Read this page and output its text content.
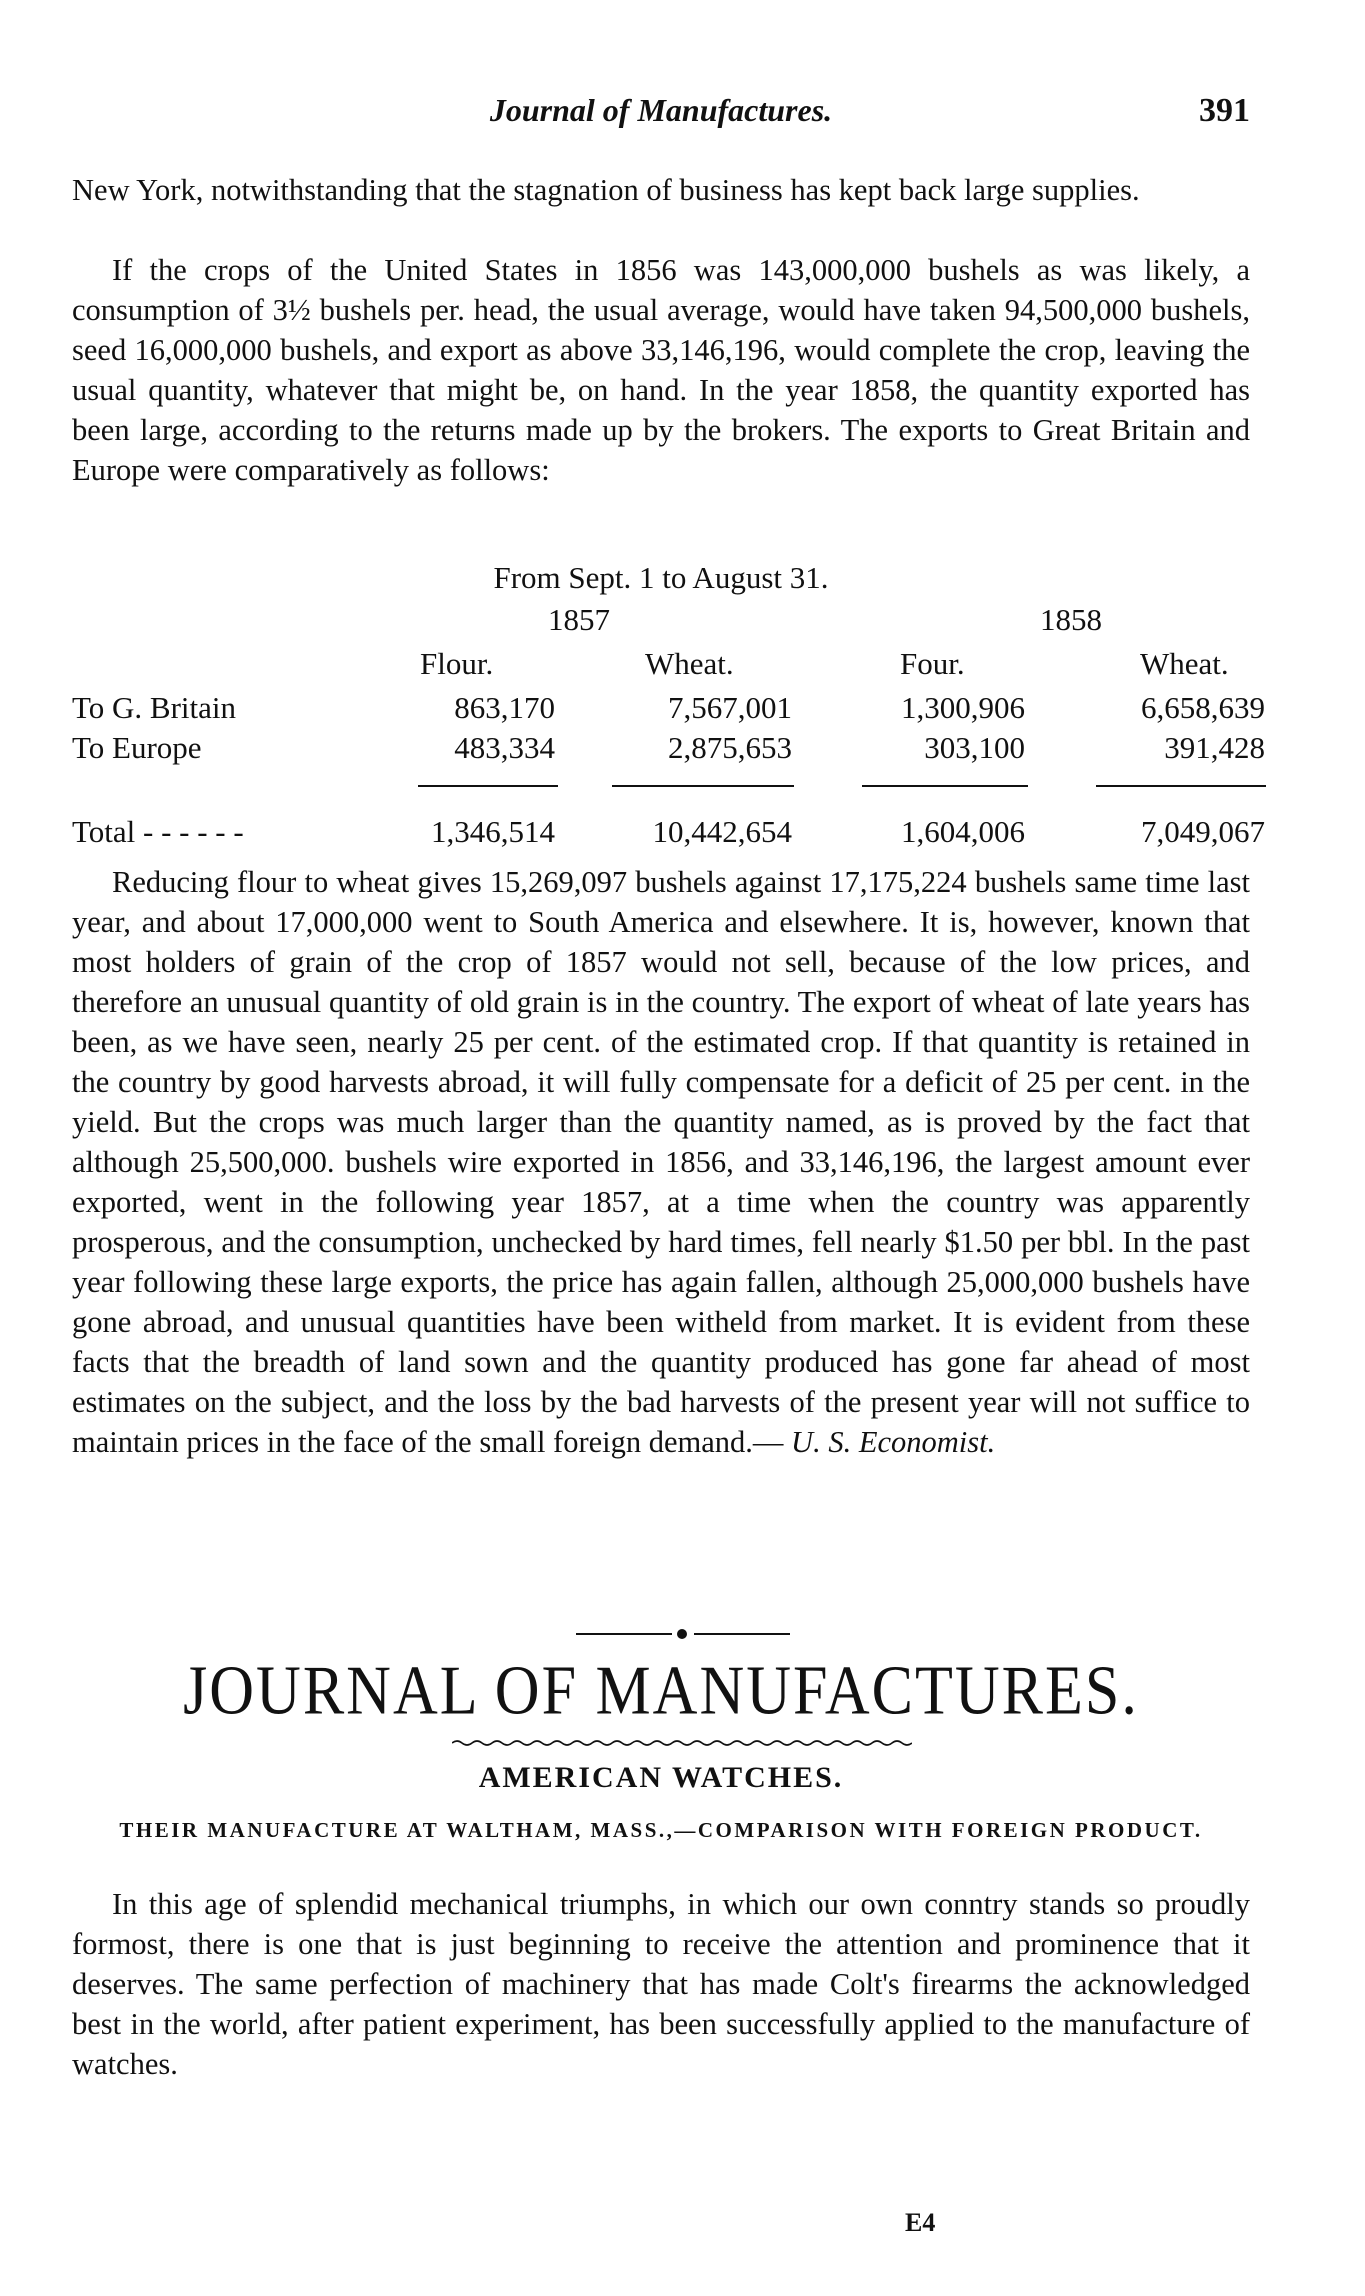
Journal of Manufactures.	391

New York, notwithstanding that the stagnation of business has kept back large supplies.

If the crops of the United States in 1856 was 143,000,000 bushels as was likely, a consumption of 3½ bushels per. head, the usual average, would have taken 94,500,000 bushels, seed 16,000,000 bushels, and export as above 33,146,196, would complete the crop, leaving the usual quantity, whatever that might be, on hand. In the year 1858, the quantity exported has been large, according to the returns made up by the brokers. The exports to Great Britain and Europe were comparatively as follows:

From Sept. 1 to August 31.
1857	1858
Flour.	Wheat.	Four.	Wheat.
To G. Britain	863,170	7,567,001	1,300,906	6,658,639
To Europe	483,334	2,875,653	303,100	391,428
Total - - - - - -	1,346,514	10,442,654	1,604,006	7,049,067

Reducing flour to wheat gives 15,269,097 bushels against 17,175,224 bushels same time last year, and about 17,000,000 went to South America and elsewhere. It is, however, known that most holders of grain of the crop of 1857 would not sell, because of the low prices, and therefore an unusual quantity of old grain is in the country. The export of wheat of late years has been, as we have seen, nearly 25 per cent. of the estimated crop. If that quantity is retained in the country by good harvests abroad, it will fully compensate for a deficit of 25 per cent. in the yield. But the crops was much larger than the quantity named, as is proved by the fact that although 25,500,000. bushels wire exported in 1856, and 33,146,196, the largest amount ever exported, went in the following year 1857, at a time when the country was apparently prosperous, and the consumption, unchecked by hard times, fell nearly $1.50 per bbl. In the past year following these large exports, the price has again fallen, although 25,000,000 bushels have gone abroad, and unusual quantities have been witheld from market. It is evident from these facts that the breadth of land sown and the quantity produced has gone far ahead of most estimates on the subject, and the loss by the bad harvests of the present year will not suffice to maintain prices in the face of the small foreign demand.— U. S. Economist.

JOURNAL OF MANUFACTURES.
AMERICAN WATCHES.
THEIR MANUFACTURE AT WALTHAM, MASS.,—COMPARISON WITH FOREIGN PRODUCT.

In this age of splendid mechanical triumphs, in which our own conntry stands so proudly formost, there is one that is just beginning to receive the attention and prominence that it deserves. The same perfection of machinery that has made Colt's firearms the acknowledged best in the world, after patient experiment, has been successfully applied to the manufacture of watches.

E4
